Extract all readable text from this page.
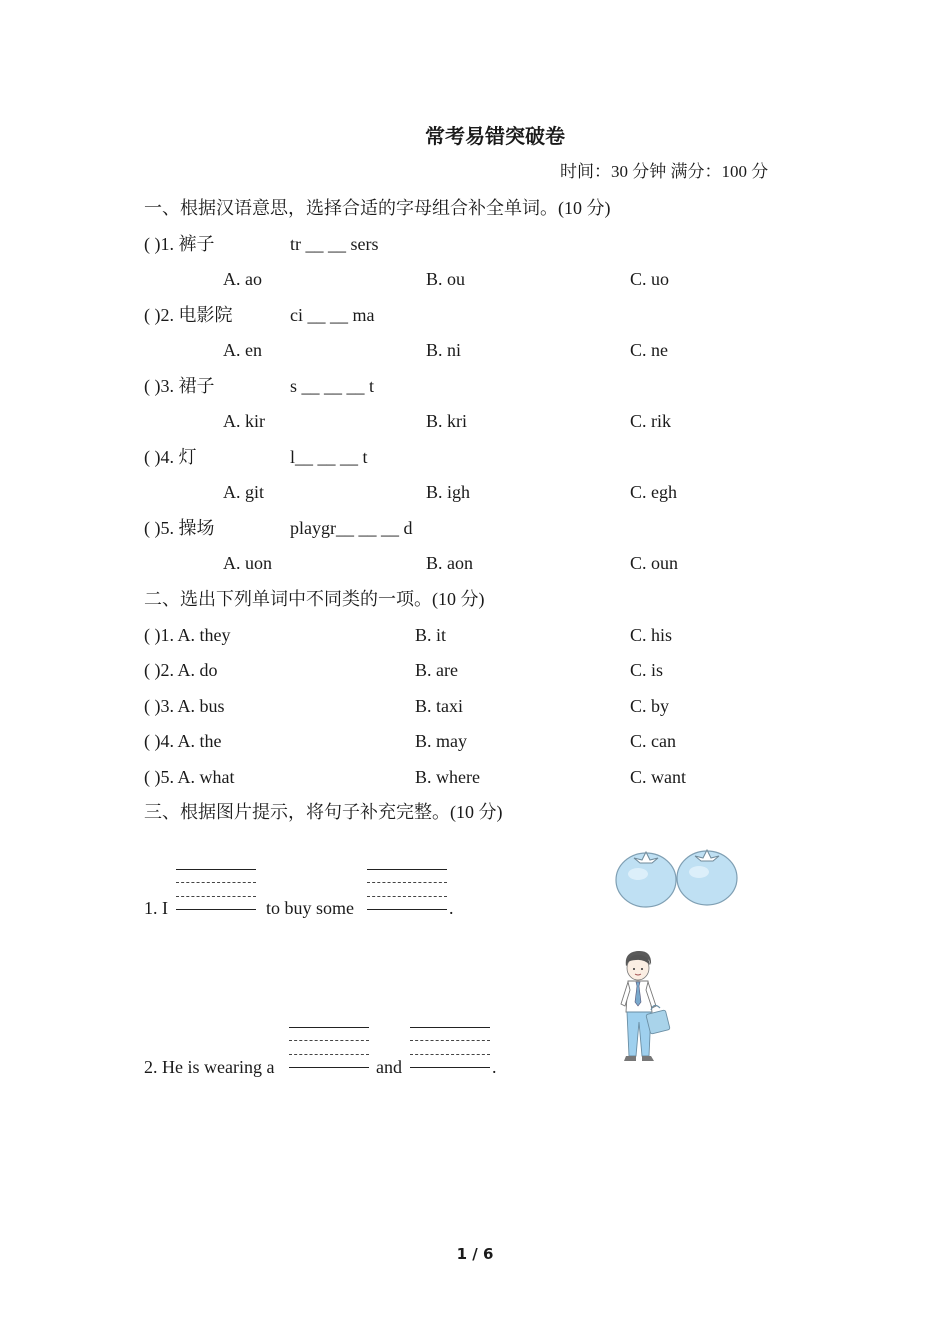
常考易错突破卷
时间：30 分钟 满分：100 分
一、根据汉语意思，选择合适的字母组合补全单词。(10 分)
( )1. 裤子	tr __ __ sers
A. ao	B. ou	C. uo
( )2. 电影院	ci __ __ ma
A. en	B. ni	C. ne
( )3. 裙子	s __ __ __ t
A. kir	B. kri	C. rik
( )4. 灯	l__ __ __ t
A. git	B. igh	C. egh
( )5. 操场	playgr__ __ __ d
A. uon	B. aon	C. oun
二、选出下列单词中不同类的一项。(10 分)
( )1. A. they	B. it	C. his
( )2. A. do	B. are	C. is
( )3. A. bus	B. taxi	C. by
( )4. A. the	B. may	C. can
( )5. A. what	B. where	C. want
三、根据图片提示，将句子补充完整。(10 分)
1. I	to buy some	.
2. He is wearing a	and	.
1 / 6
